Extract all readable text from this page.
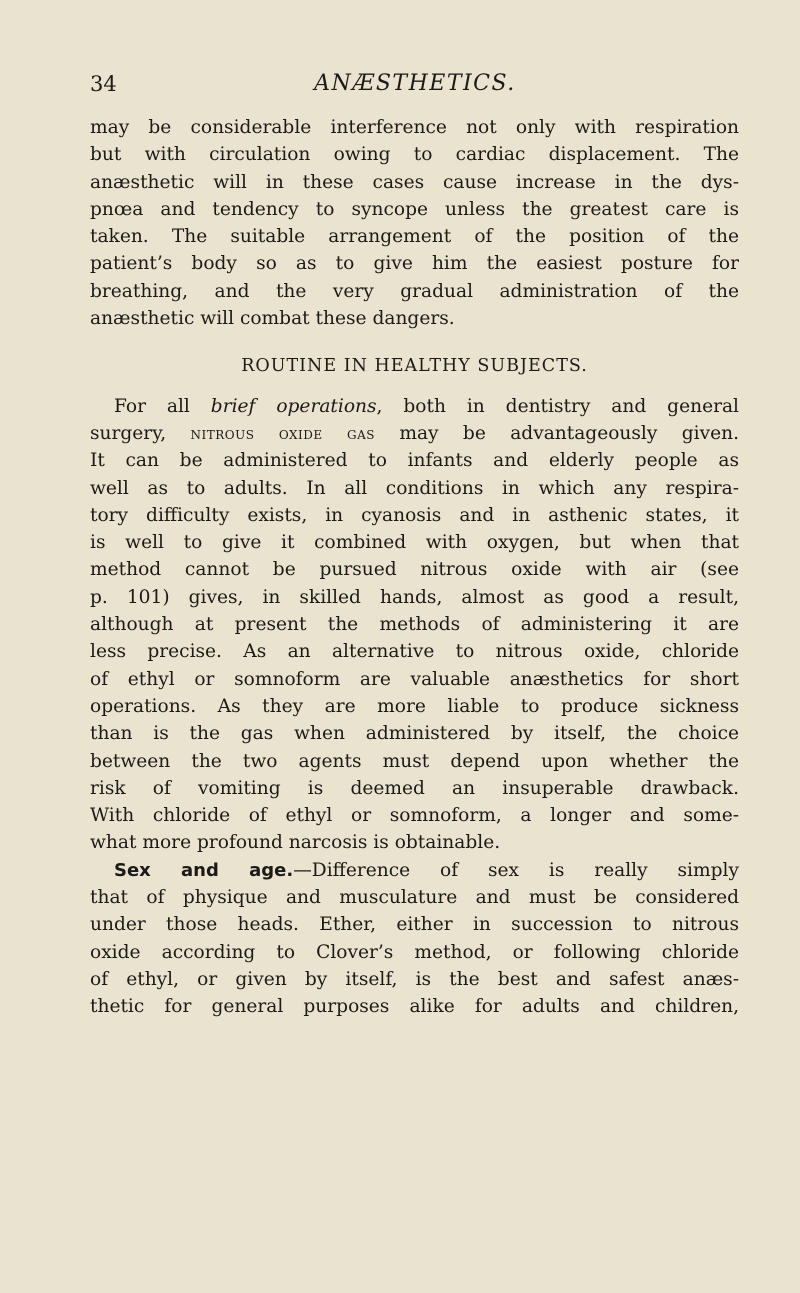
34	ANÆSTHETICS.
may be considerable interference not only with respiration
but with circulation owing to cardiac displacement. The
anæsthetic will in these cases cause increase in the dys-
pnœa and tendency to syncope unless the greatest care is
taken. The suitable arrangement of the position of the
patient’s body so as to give him the easiest posture for
breathing, and the very gradual administration of the
anæsthetic will combat these dangers.
ROUTINE IN HEALTHY SUBJECTS.
For all brief operations, both in dentistry and general
surgery, nitrous oxide gas may be advantageously given.
It can be administered to infants and elderly people as
well as to adults. In all conditions in which any respira-
tory difficulty exists, in cyanosis and in asthenic states, it
is well to give it combined with oxygen, but when that
method cannot be pursued nitrous oxide with air (see
p. 101) gives, in skilled hands, almost as good a result,
although at present the methods of administering it are
less precise. As an alternative to nitrous oxide, chloride
of ethyl or somnoform are valuable anæsthetics for short
operations. As they are more liable to produce sickness
than is the gas when administered by itself, the choice
between the two agents must depend upon whether the
risk of vomiting is deemed an insuperable drawback.
With chloride of ethyl or somnoform, a longer and some-
what more profound narcosis is obtainable.
Sex and age.—Difference of sex is really simply
that of physique and musculature and must be considered
under those heads. Ether, either in succession to nitrous
oxide according to Clover’s method, or following chloride
of ethyl, or given by itself, is the best and safest anæs-
thetic for general purposes alike for adults and children,
